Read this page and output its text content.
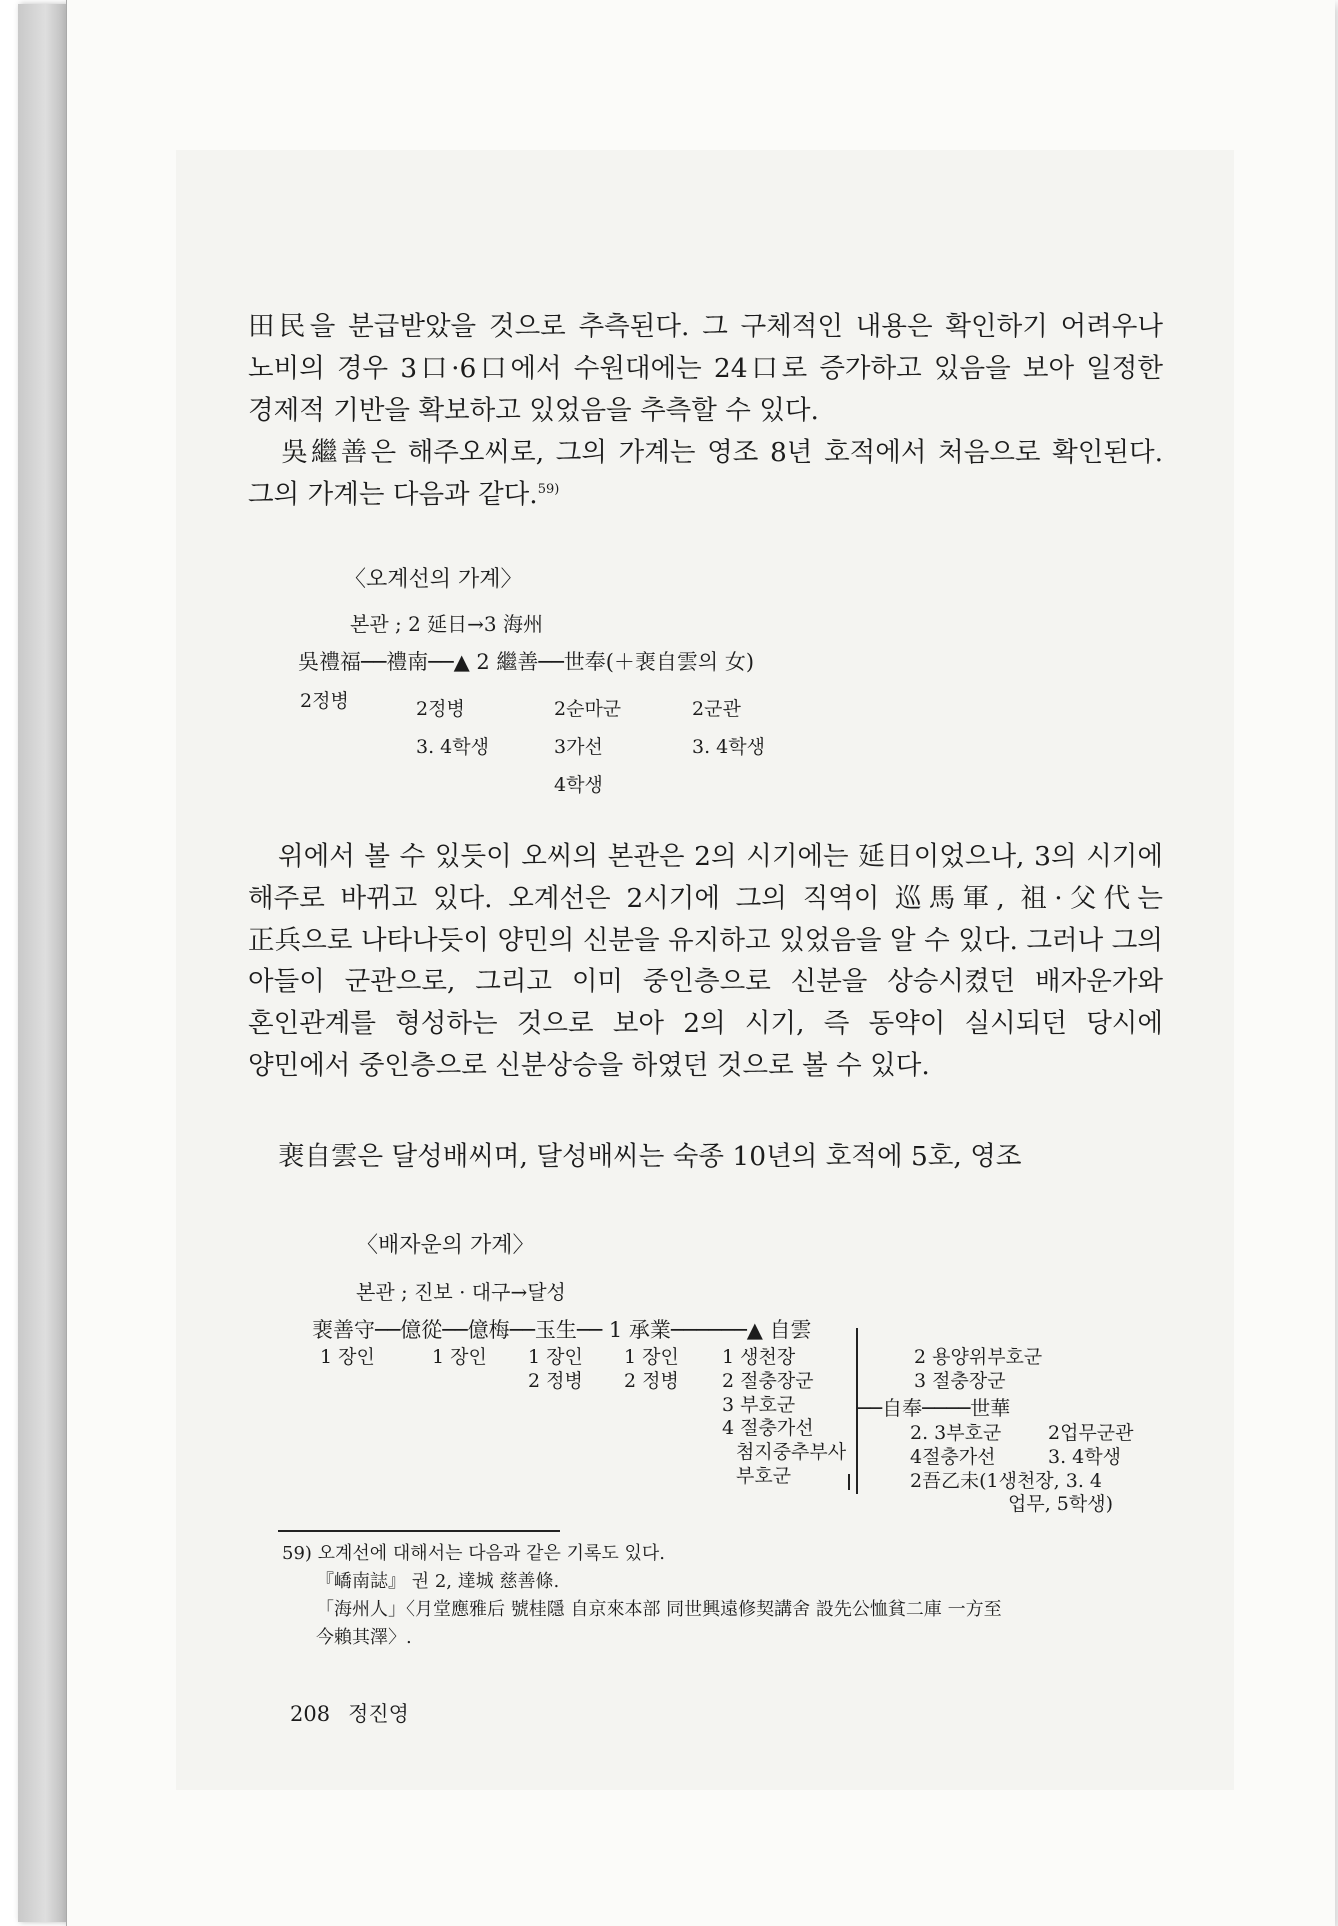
田民을 분급받았을 것으로 추측된다. 그 구체적인 내용은 확인하기 어려우나 노비의 경우 3口·6口에서 수원대에는 24口로 증가하고 있음을 보아 일정한 경제적 기반을 확보하고 있었음을 추측할 수 있다.

吳繼善은 해주오씨로, 그의 가계는 영조 8년 호적에서 처음으로 확인된다. 그의 가계는 다음과 같다.$^{59)}$

〈오계선의 가계〉
본관 ; 2 延日→3 海州
吳禮福──禮南──▲ 2 繼善──世奉(＋裵自雲의 女)
2정병	2정병
3. 4학생
2순마군
3가선
4학생
2군관
3. 4학생

위에서 볼 수 있듯이 오씨의 본관은 2의 시기에는 延日이었으나, 3의 시기에 해주로 바뀌고 있다. 오계선은 2시기에 그의 직역이 巡馬軍, 祖·父代는 正兵으로 나타나듯이 양민의 신분을 유지하고 있었음을 알 수 있다. 그러나 그의 아들이 군관으로, 그리고 이미 중인층으로 신분을 상승시켰던 배자운가와 혼인관계를 형성하는 것으로 보아 2의 시기, 즉 동약이 실시되던 당시에 양민에서 중인층으로 신분상승을 하였던 것으로 볼 수 있다.

裵自雲은 달성배씨며, 달성배씨는 숙종 10년의 호적에 5호, 영조

〈배자운의 가계〉
본관 ; 진보 · 대구→달성
裵善守──億從──億梅──玉生── 1 承業──────▲ 自雲
1 장인	1 장인 1 장인
2 정병
1 장인
2 정병
1 생천장
2 절충장군
3 부호군
4 절충가선
첨지중추부사
부호군
2 용양위부호군
3 절충장군
──自奉────世華
2. 3부호군
4절충가선
2吾乙未(1생천장, 3. 4
업무, 5학생)
2업무군관
3. 4학생
59) 오계선에 대해서는 다음과 같은 기록도 있다.
『嶠南誌』 권 2, 達城 慈善條.
「海州人」〈月堂應雅后 號桂隱 自京來本部 同世興遠修契講舍 設先公恤貧二庫 一方至
今賴其澤〉.
208 정진영
